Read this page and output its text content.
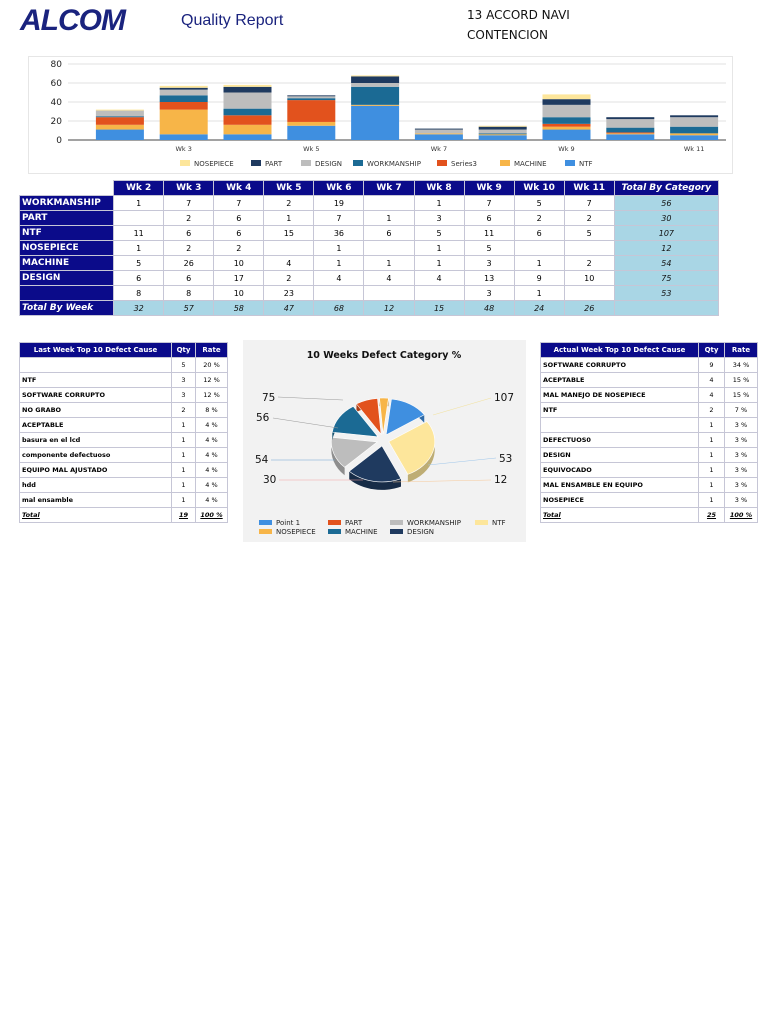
ALCOM	Quality Report	13 ACCORD NAVI
CONTENCION
0
20
40
60
80
Wk 3	Wk 5	Wk 7	Wk 9	Wk 11
NOSEPIECE	PART	DESIGN	WORKMANSHIP	Series3	MACHINE	NTF
	Wk 2	Wk 3	Wk 4	Wk 5	Wk 6	Wk 7	Wk 8	Wk 9	Wk 10	Wk 11	Total By Category
WORKMANSHIP	1	7	7	2	19		1	7	5	7	56
PART		2	6	1	7	1	3	6	2	2	30
NTF	11	6	6	15	36	6	5	11	6	5	107
NOSEPIECE	1	2	2		1		1	5			12
MACHINE	5	26	10	4	1	1	1	3	1	2	54
DESIGN	6	6	17	2	4	4	4	13	9	10	75
	8	8	10	23				3	1		53
Total By Week	32	57	58	47	68	12	15	48	24	26	
Last Week Top 10 Defect Cause	Qty	Rate
	5	20 %
NTF	3	12 %
SOFTWARE CORRUPTO	3	12 %
NO GRABO	2	8 %
ACEPTABLE	1	4 %
basura en el lcd	1	4 %
componente defectuoso	1	4 %
EQUIPO MAL AJUSTADO	1	4 %
hdd	1	4 %
mal ensamble	1	4 %
Total	19	100 %
10 Weeks Defect Category %
75
56
54
30
107
53
12
Point 1	PART	WORKMANSHIP	NTF
NOSEPIECE	MACHINE	DESIGN
Actual Week Top 10 Defect Cause	Qty	Rate
SOFTWARE CORRUPTO	9	34 %
ACEPTABLE	4	15 %
MAL MANEJO DE NOSEPIECE	4	15 %
NTF	2	7 %
	1	3 %
DEFECTUOS0	1	3 %
DESIGN	1	3 %
EQUIVOCADO	1	3 %
MAL ENSAMBLE EN EQUIPO	1	3 %
NOSEPIECE	1	3 %
Total	25	100 %
